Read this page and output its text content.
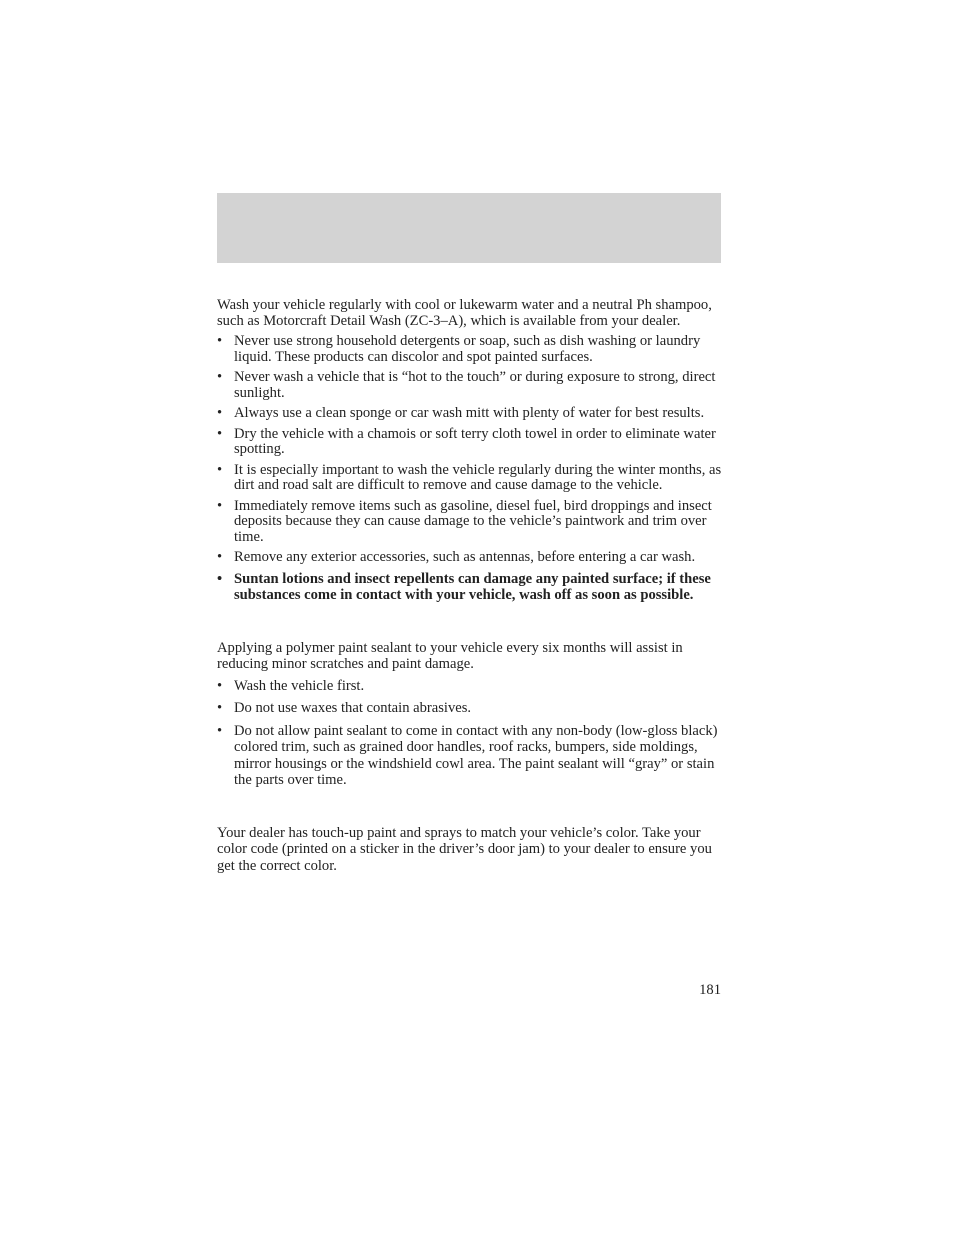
Wash your vehicle regularly with cool or lukewarm water and a neutral Ph shampoo, such as Motorcraft Detail Wash (ZC-3–A), which is available from your dealer.

• Never use strong household detergents or soap, such as dish washing or laundry liquid. These products can discolor and spot painted surfaces.
• Never wash a vehicle that is “hot to the touch” or during exposure to strong, direct sunlight.
• Always use a clean sponge or car wash mitt with plenty of water for best results.
• Dry the vehicle with a chamois or soft terry cloth towel in order to eliminate water spotting.
• It is especially important to wash the vehicle regularly during the winter months, as dirt and road salt are difficult to remove and cause damage to the vehicle.
• Immediately remove items such as gasoline, diesel fuel, bird droppings and insect deposits because they can cause damage to the vehicle’s paintwork and trim over time.
• Remove any exterior accessories, such as antennas, before entering a car wash.
• Suntan lotions and insect repellents can damage any painted surface; if these substances come in contact with your vehicle, wash off as soon as possible.

Applying a polymer paint sealant to your vehicle every six months will assist in reducing minor scratches and paint damage.

• Wash the vehicle first.
• Do not use waxes that contain abrasives.
• Do not allow paint sealant to come in contact with any non-body (low-gloss black) colored trim, such as grained door handles, roof racks, bumpers, side moldings, mirror housings or the windshield cowl area. The paint sealant will “gray” or stain the parts over time.

Your dealer has touch-up paint and sprays to match your vehicle’s color. Take your color code (printed on a sticker in the driver’s door jam) to your dealer to ensure you get the correct color.

181
